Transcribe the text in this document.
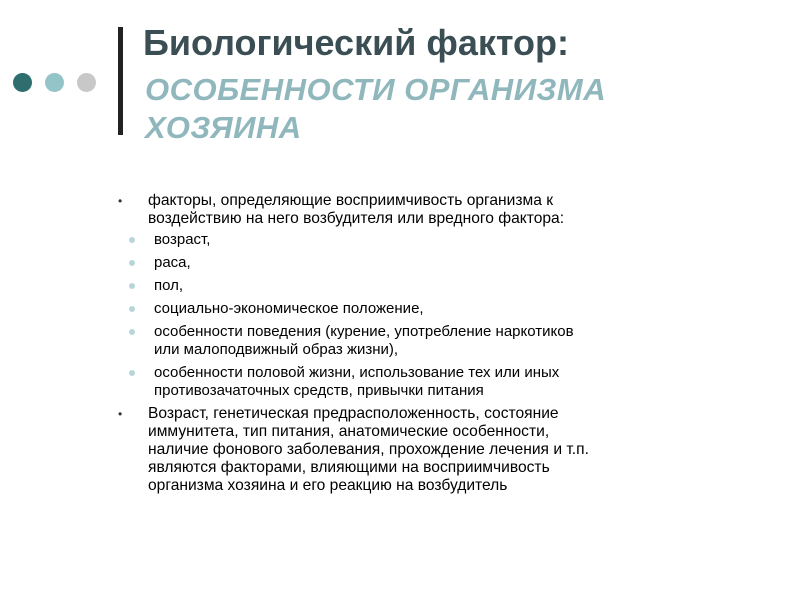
Биологический фактор:
ОСОБЕННОСТИ ОРГАНИЗМА
ХОЗЯИНА
•	факторы, определяющие восприимчивость организма к
воздействию на него возбудителя или вредного фактора:
возраст,
раса,
пол,
социально-экономическое положение,
особенности поведения (курение, употребление наркотиков
или малоподвижный образ жизни),
особенности половой жизни, использование тех или иных
противозачаточных средств, привычки питания
•	Возраст, генетическая предрасположенность, состояние
иммунитета, тип питания, анатомические особенности,
наличие фонового заболевания, прохождение лечения и т.п.
являются факторами, влияющими на восприимчивость
организма хозяина и его реакцию на возбудитель
